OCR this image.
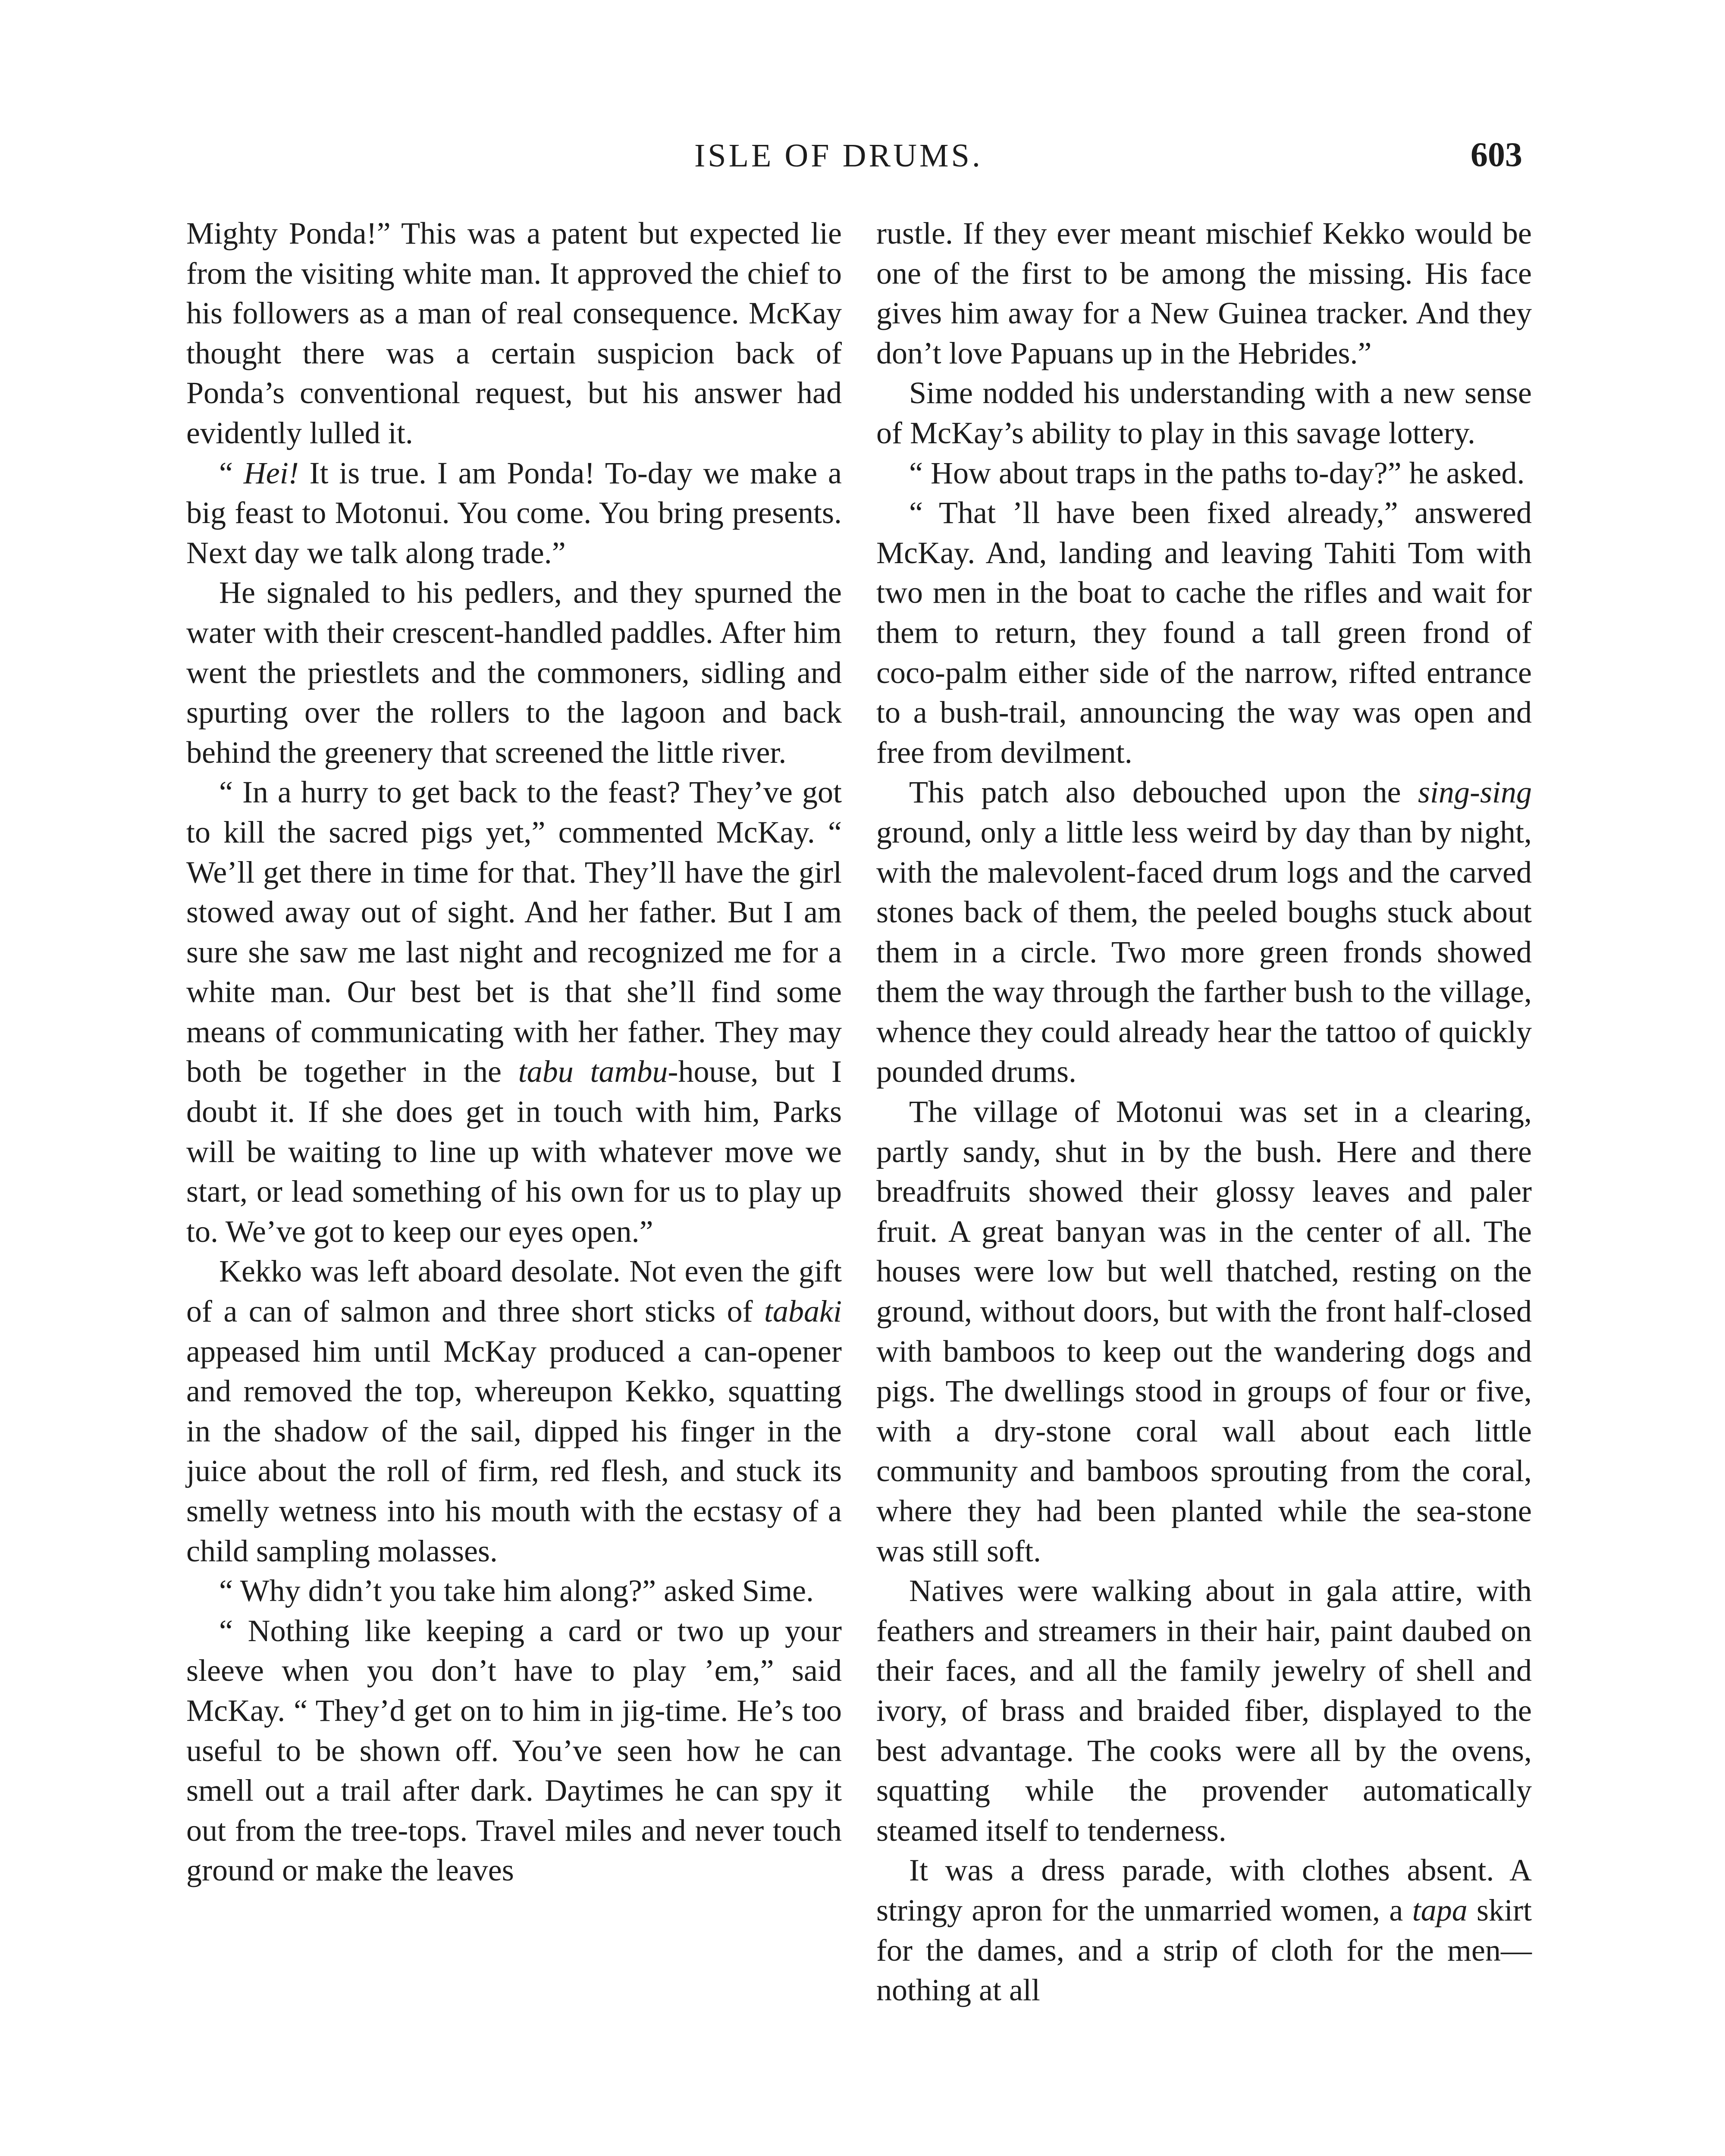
ISLE OF DRUMS.	603

Mighty Ponda!” This was a patent but expected lie from the visiting white man. It approved the chief to his followers as a man of real consequence. McKay thought there was a certain suspicion back of Ponda’s conventional request, but his answer had evidently lulled it.

“ Hei! It is true. I am Ponda! To-day we make a big feast to Motonui. You come. You bring presents. Next day we talk along trade.”

He signaled to his pedlers, and they spurned the water with their crescent-handled paddles. After him went the priestlets and the commoners, sidling and spurting over the rollers to the lagoon and back behind the greenery that screened the little river.

“ In a hurry to get back to the feast? They’ve got to kill the sacred pigs yet,” commented McKay. “ We’ll get there in time for that. They’ll have the girl stowed away out of sight. And her father. But I am sure she saw me last night and recognized me for a white man. Our best bet is that she’ll find some means of communicating with her father. They may both be together in the tabu tambu-house, but I doubt it. If she does get in touch with him, Parks will be waiting to line up with whatever move we start, or lead something of his own for us to play up to. We’ve got to keep our eyes open.”

Kekko was left aboard desolate. Not even the gift of a can of salmon and three short sticks of tabaki appeased him until McKay produced a can-opener and removed the top, whereupon Kekko, squatting in the shadow of the sail, dipped his finger in the juice about the roll of firm, red flesh, and stuck its smelly wetness into his mouth with the ecstasy of a child sampling molasses.

“ Why didn’t you take him along?” asked Sime.

“ Nothing like keeping a card or two up your sleeve when you don’t have to play ’em,” said McKay. “ They’d get on to him in jig-time. He’s too useful to be shown off. You’ve seen how he can smell out a trail after dark. Daytimes he can spy it out from the tree-tops. Travel miles and never touch ground or make the leaves

rustle. If they ever meant mischief Kekko would be one of the first to be among the missing. His face gives him away for a New Guinea tracker. And they don’t love Papuans up in the Hebrides.”

Sime nodded his understanding with a new sense of McKay’s ability to play in this savage lottery.

“ How about traps in the paths to-day?” he asked.

“ That ’ll have been fixed already,” answered McKay. And, landing and leaving Tahiti Tom with two men in the boat to cache the rifles and wait for them to return, they found a tall green frond of coco-palm either side of the narrow, rifted entrance to a bush-trail, announcing the way was open and free from devilment.

This patch also debouched upon the sing-sing ground, only a little less weird by day than by night, with the malevolent-faced drum logs and the carved stones back of them, the peeled boughs stuck about them in a circle. Two more green fronds showed them the way through the farther bush to the village, whence they could already hear the tattoo of quickly pounded drums.

The village of Motonui was set in a clearing, partly sandy, shut in by the bush. Here and there breadfruits showed their glossy leaves and paler fruit. A great banyan was in the center of all. The houses were low but well thatched, resting on the ground, without doors, but with the front half-closed with bamboos to keep out the wandering dogs and pigs. The dwellings stood in groups of four or five, with a dry-stone coral wall about each little community and bamboos sprouting from the coral, where they had been planted while the sea-stone was still soft.

Natives were walking about in gala attire, with feathers and streamers in their hair, paint daubed on their faces, and all the family jewelry of shell and ivory, of brass and braided fiber, displayed to the best advantage. The cooks were all by the ovens, squatting while the provender automatically steamed itself to tenderness.

It was a dress parade, with clothes absent. A stringy apron for the unmarried women, a tapa skirt for the dames, and a strip of cloth for the men—nothing at all
